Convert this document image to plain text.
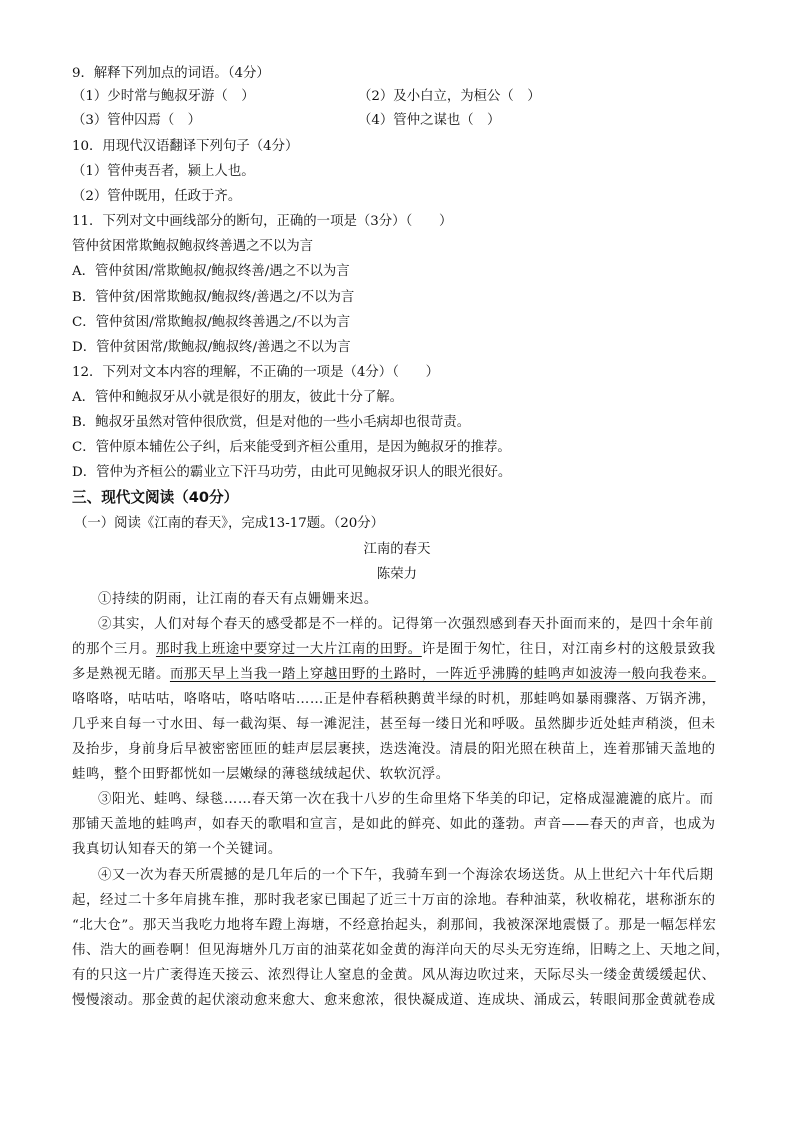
9．解释下列加点的词语。（4分）
（1）少时常与鲍叔牙游（　）	（2）及小白立，为桓公（　）
（3）管仲囚焉（　）	（4）管仲之谋也（　）
10．用现代汉语翻译下列句子（4分）
（1）管仲夷吾者，颍上人也。
（2）管仲既用，任政于齐。
11．下列对文中画线部分的断句，正确的一项是（3分）（　　）
管仲贫困常欺鲍叔鲍叔终善遇之不以为言
A．管仲贫困/常欺鲍叔/鲍叔终善/遇之不以为言
B．管仲贫/困常欺鲍叔/鲍叔终/善遇之/不以为言
C．管仲贫困/常欺鲍叔/鲍叔终善遇之/不以为言
D．管仲贫困常/欺鲍叔/鲍叔终/善遇之不以为言
12．下列对文本内容的理解，不正确的一项是（4分）（　　）
A．管仲和鲍叔牙从小就是很好的朋友，彼此十分了解。
B．鲍叔牙虽然对管仲很欣赏，但是对他的一些小毛病却也很苛责。
C．管仲原本辅佐公子纠，后来能受到齐桓公重用，是因为鲍叔牙的推荐。
D．管仲为齐桓公的霸业立下汗马功劳，由此可见鲍叔牙识人的眼光很好。
三、现代文阅读（40分）
（一）阅读《江南的春天》，完成13-17题。（20分）
江南的春天
陈荣力
①持续的阴雨，让江南的春天有点姗姗来迟。
②其实，人们对每个春天的感受都是不一样的。记得第一次强烈感到春天扑面而来的，是四十余年前
的那个三月。那时我上班途中要穿过一大片江南的田野。许是囿于匆忙，往日，对江南乡村的这般景致我
多是熟视无睹。而那天早上当我一踏上穿越田野的土路时，一阵近乎沸腾的蛙鸣声如波涛一般向我卷来。
咯咯咯，咕咕咕，咯咯咕，咯咕咯咕……正是仲春稻秧鹅黄半绿的时机，那蛙鸣如暴雨骤落、万锅齐沸，
几乎来自每一寸水田、每一截沟渠、每一滩泥洼，甚至每一缕日光和呼吸。虽然脚步近处蛙声稍淡，但未
及抬步，身前身后早被密密匝匝的蛙声层层裹挟，迭迭淹没。清晨的阳光照在秧苗上，连着那铺天盖地的
蛙鸣，整个田野都恍如一层嫩绿的薄毯绒绒起伏、软软沉浮。
③阳光、蛙鸣、绿毯……春天第一次在我十八岁的生命里烙下华美的印记，定格成湿漉漉的底片。而
那铺天盖地的蛙鸣声，如春天的歌唱和宣言，是如此的鲜亮、如此的蓬勃。声音——春天的声音，也成为
我真切认知春天的第一个关键词。
④又一次为春天所震撼的是几年后的一个下午，我骑车到一个海涂农场送货。从上世纪六十年代后期
起，经过二十多年肩挑车推，那时我老家已围起了近三十万亩的涂地。春种油菜，秋收棉花，堪称浙东的
“北大仓”。那天当我吃力地将车蹬上海塘，不经意抬起头，刹那间，我被深深地震慑了。那是一幅怎样宏
伟、浩大的画卷啊！但见海塘外几万亩的油菜花如金黄的海洋向天的尽头无穷连绵，旧畴之上、天地之间，
有的只这一片广袤得连天接云、浓烈得让人窒息的金黄。风从海边吹过来，天际尽头一缕金黄缓缓起伏、
慢慢滚动。那金黄的起伏滚动愈来愈大、愈来愈浓，很快凝成道、连成块、涌成云，转眼间那金黄就卷成
